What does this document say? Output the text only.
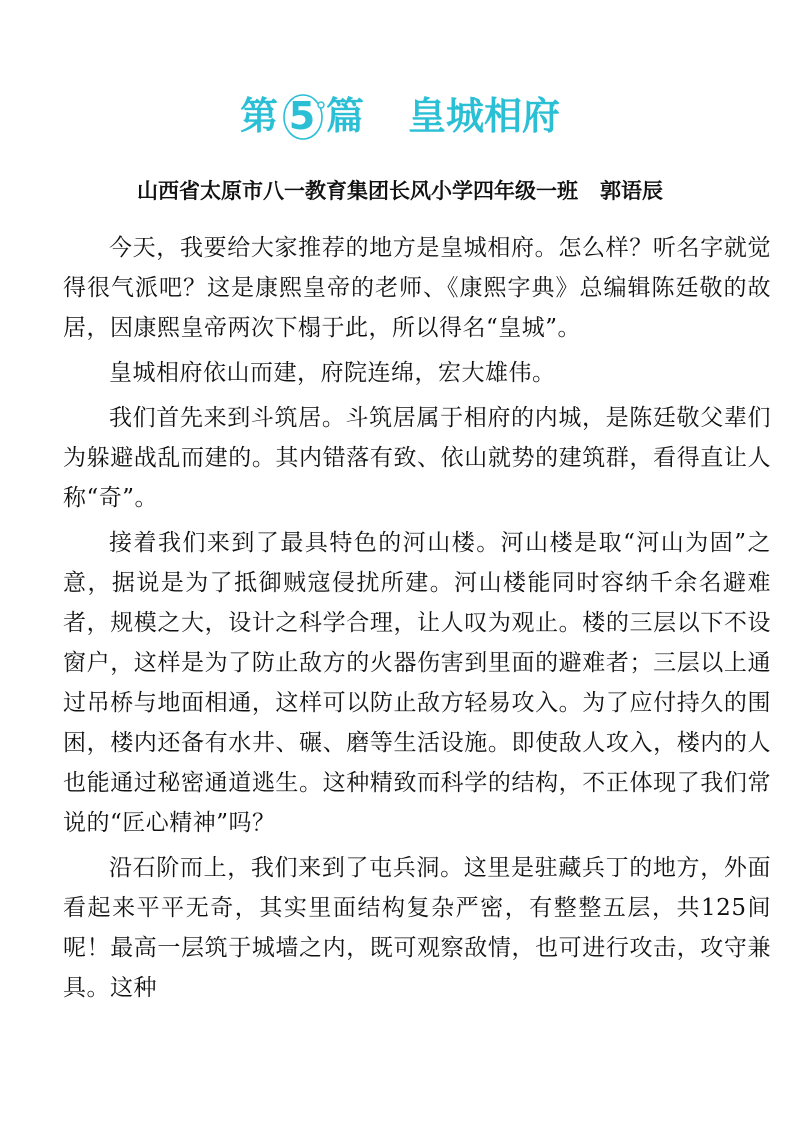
第 5 篇 皇城相府
山西省太原市八一教育集团长风小学四年级一班 郭语辰

今天，我要给大家推荐的地方是皇城相府。怎么样？听名字就觉得很气派吧？这是康熙皇帝的老师、《康熙字典》总编辑陈廷敬的故居，因康熙皇帝两次下榻于此，所以得名“皇城”。

皇城相府依山而建，府院连绵，宏大雄伟。

我们首先来到斗筑居。斗筑居属于相府的内城，是陈廷敬父辈们为躲避战乱而建的。其内错落有致、依山就势的建筑群，看得直让人称“奇”。

接着我们来到了最具特色的河山楼。河山楼是取“河山为固”之意，据说是为了抵御贼寇侵扰所建。河山楼能同时容纳千余名避难者，规模之大，设计之科学合理，让人叹为观止。楼的三层以下不设窗户，这样是为了防止敌方的火器伤害到里面的避难者；三层以上通过吊桥与地面相通，这样可以防止敌方轻易攻入。为了应付持久的围困，楼内还备有水井、碾、磨等生活设施。即使敌人攻入，楼内的人也能通过秘密通道逃生。这种精致而科学的结构，不正体现了我们常说的“匠心精神”吗？

沿石阶而上，我们来到了屯兵洞。这里是驻藏兵丁的地方，外面看起来平平无奇，其实里面结构复杂严密，有整整五层，共125间呢！最高一层筑于城墙之内，既可观察敌情，也可进行攻击，攻守兼具。这种
